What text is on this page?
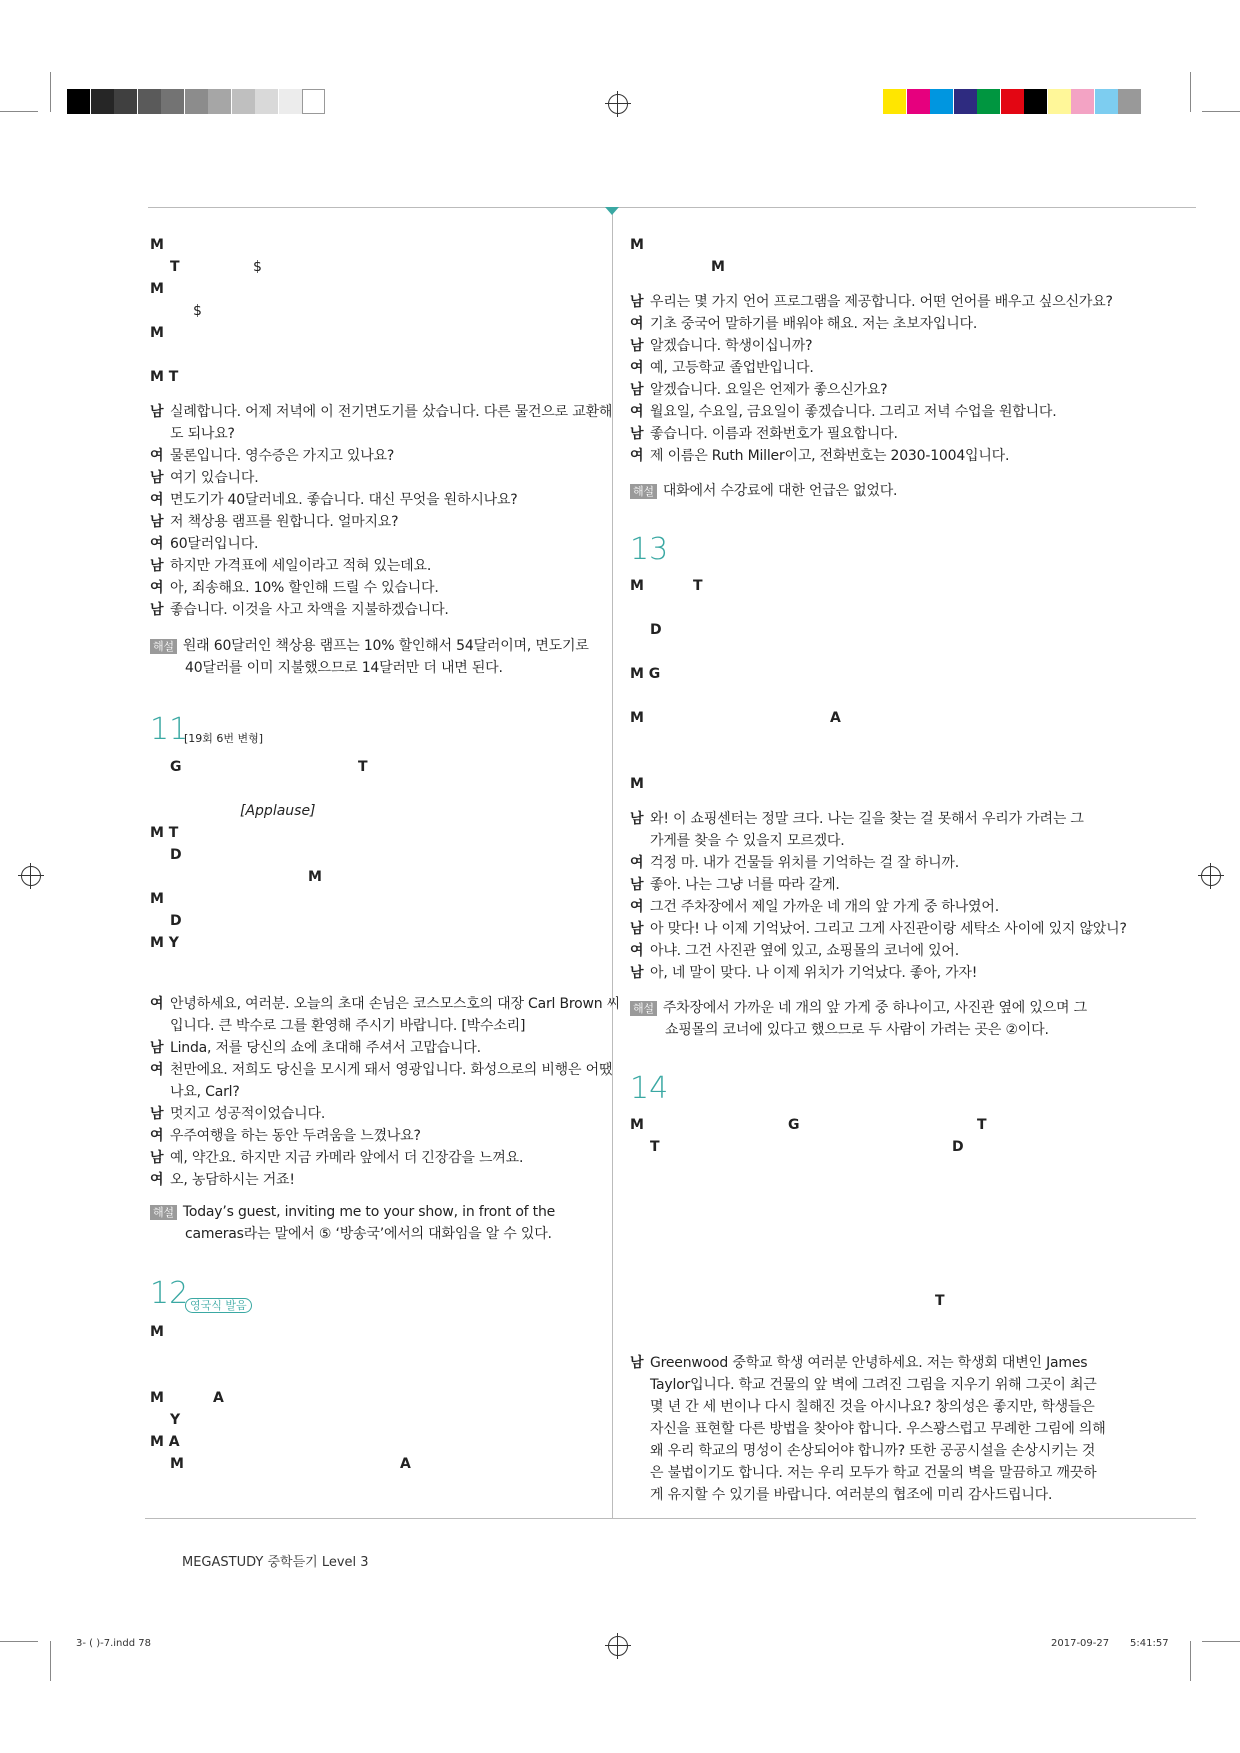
M
T	$
M
$
M
M T
남 실례합니다. 어제 저녁에 이 전기면도기를 샀습니다. 다른 물건으로 교환해
도 되나요?
여 물론입니다. 영수증은 가지고 있나요?
남 여기 있습니다.
여 면도기가 40달러네요. 좋습니다. 대신 무엇을 원하시나요?
남 저 책상용 램프를 원합니다. 얼마지요?
여 60달러입니다.
남 하지만 가격표에 세일이라고 적혀 있는데요.
여 아, 죄송해요. 10% 할인해 드릴 수 있습니다.
남 좋습니다. 이것을 사고 차액을 지불하겠습니다.
해설 원래 60달러인 책상용 램프는 10% 할인해서 54달러이며, 면도기로
40달러를 이미 지불했으므로 14달러만 더 내면 된다.
11
[19회 6번 변형]
G	T
[Applause]
M T
D
M
M
D
M Y
여 안녕하세요, 여러분. 오늘의 초대 손님은 코스모스호의 대장 Carl Brown 씨
입니다. 큰 박수로 그를 환영해 주시기 바랍니다. [박수소리]
남 Linda, 저를 당신의 쇼에 초대해 주셔서 고맙습니다.
여 천만에요. 저희도 당신을 모시게 돼서 영광입니다. 화성으로의 비행은 어땠
나요, Carl?
남 멋지고 성공적이었습니다.
여 우주여행을 하는 동안 두려움을 느꼈나요?
남 예, 약간요. 하지만 지금 카메라 앞에서 더 긴장감을 느껴요.
여 오, 농담하시는 거죠!
해설 Today’s guest, inviting me to your show, in front of the
cameras라는 말에서 ⑤ ‘방송국’에서의 대화임을 알 수 있다.
12 영국식 발음
M
M	A
Y
M A
M	A
M
M
남 우리는 몇 가지 언어 프로그램을 제공합니다. 어떤 언어를 배우고 싶으신가요?
여 기초 중국어 말하기를 배워야 해요. 저는 초보자입니다.
남 알겠습니다. 학생이십니까?
여 예, 고등학교 졸업반입니다.
남 알겠습니다. 요일은 언제가 좋으신가요?
여 월요일, 수요일, 금요일이 좋겠습니다. 그리고 저녁 수업을 원합니다.
남 좋습니다. 이름과 전화번호가 필요합니다.
여 제 이름은 Ruth Miller이고, 전화번호는 2030-1004입니다.
해설 대화에서 수강료에 대한 언급은 없었다.
13
M	T
D
M G
M	A
M
남 와! 이 쇼핑센터는 정말 크다. 나는 길을 찾는 걸 못해서 우리가 가려는 그
가게를 찾을 수 있을지 모르겠다.
여 걱정 마. 내가 건물들 위치를 기억하는 걸 잘 하니까.
남 좋아. 나는 그냥 너를 따라 갈게.
여 그건 주차장에서 제일 가까운 네 개의 앞 가게 중 하나였어.
남 아 맞다! 나 이제 기억났어. 그리고 그게 사진관이랑 세탁소 사이에 있지 않았니?
여 아냐. 그건 사진관 옆에 있고, 쇼핑몰의 코너에 있어.
남 아, 네 말이 맞다. 나 이제 위치가 기억났다. 좋아, 가자!
해설 주차장에서 가까운 네 개의 앞 가게 중 하나이고, 사진관 옆에 있으며 그
쇼핑몰의 코너에 있다고 했으므로 두 사람이 가려는 곳은 ②이다.
14
M	G	T
T	D
T
남 Greenwood 중학교 학생 여러분 안녕하세요. 저는 학생회 대변인 James
Taylor입니다. 학교 건물의 앞 벽에 그려진 그림을 지우기 위해 그곳이 최근
몇 년 간 세 번이나 다시 칠해진 것을 아시나요? 창의성은 좋지만, 학생들은
자신을 표현할 다른 방법을 찾아야 합니다. 우스꽝스럽고 무례한 그림에 의해
왜 우리 학교의 명성이 손상되어야 합니까? 또한 공공시설을 손상시키는 것
은 불법이기도 합니다. 저는 우리 모두가 학교 건물의 벽을 말끔하고 깨끗하
게 유지할 수 있기를 바랍니다. 여러분의 협조에 미리 감사드립니다.
MEGASTUDY 중학듣기 Level 3
3- ( )-7.indd 78	2017-09-27 5:41:57
